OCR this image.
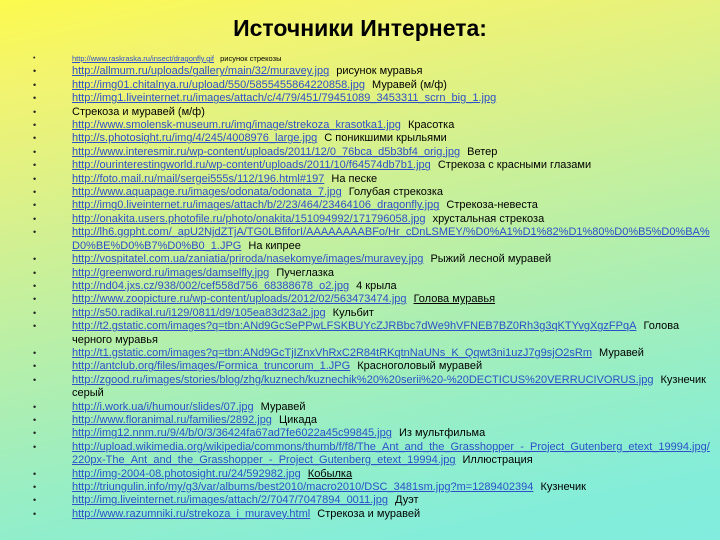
Источники Интернета:
•	http://www.raskraska.ru/insect/dragonfly.gif рисунок стрекозы
•	http://allmum.ru/uploads/gallery/main/32/muravey.jpg рисунок муравья
•	http://img01.chitalnya.ru/upload/550/5855455864220858.jpg Муравей (м/ф)
•	http://img1.liveinternet.ru/images/attach/c/4/79/451/79451089_3453311_scrn_big_1.jpg
•	Стрекоза и муравей (м/ф)
•	http://www.smolensk-museum.ru/img/image/strekoza_krasotka1.jpg Красотка
•	http://s.photosight.ru/img/4/245/4008976_large.jpg С поникшими крыльями
•	http://www.interesmir.ru/wp-content/uploads/2011/12/0_76bca_d5b3bf4_orig.jpg Ветер
•	http://ourinterestingworld.ru/wp-content/uploads/2011/10/f64574db7b1.jpg Стрекоза с красными глазами
•	http://foto.mail.ru/mail/sergei555s/112/196.html#197 На песке
•	http://www.aquapage.ru/images/odonata/odonata_7.jpg Голубая стрекозка
•	http://img0.liveinternet.ru/images/attach/b/2/23/464/23464106_dragonfly.jpg Стрекоза-невеста
•	http://onakita.users.photofile.ru/photo/onakita/151094992/171796058.jpg хрустальная стрекоза
•	http://lh6.ggpht.com/_apU2NjdZTjA/TG0LBfiforI/AAAAAAAABFo/Hr_cDnLSMEY/%D0%A1%D1%82%D1%80%D0%B5%D0%BA%D0%BE%D0%B7%D0%B0_1.JPG На кипрее
•	http://vospitatel.com.ua/zaniatia/priroda/nasekomye/images/muravey.jpg Рыжий лесной муравей
•	http://greenword.ru/images/damselfly.jpg Пучеглазка
•	http://nd04.jxs.cz/938/002/cef558d756_68388678_o2.jpg 4 крыла
•	http://www.zoopicture.ru/wp-content/uploads/2012/02/563473474.jpg Голова муравья
•	http://s50.radikal.ru/i129/0811/d9/105ea83d23a2.jpg Кульбит
•	http://t2.gstatic.com/images?q=tbn:ANd9GcSePPwLFSKBUYcZJRBbc7dWe9hVFNEB7BZ0Rh3g3qKTYvgXgzFPqA Голова черного муравья
•	http://t1.gstatic.com/images?q=tbn:ANd9GcTjIZnxVhRxC2R84tRKqtnNaUNs_K_Qqwt3ni1uzJ7g9sjO2sRm Муравей
•	http://antclub.org/files/images/Formica_truncorum_1.JPG Красноголовый муравей
•	http://zgood.ru/images/stories/blog/zhg/kuznech/kuznechik%20%20serii%20-%20DECTICUS%20VERRUCIVORUS.jpg Кузнечик серый
•	http://i.work.ua/i/humour/slides/07.jpg Муравей
•	http://www.floranimal.ru/families/2892.jpg Цикада
•	http://img12.nnm.ru/9/4/b/0/3/36424fa67ad7fe6022a45c99845.jpg Из мультфильма
•	http://upload.wikimedia.org/wikipedia/commons/thumb/f/f8/The_Ant_and_the_Grasshopper_-_Project_Gutenberg_etext_19994.jpg/220px-The_Ant_and_the_Grasshopper_-_Project_Gutenberg_etext_19994.jpg Иллюстрация
•	http://img-2004-08.photosight.ru/24/592982.jpg Кобылка
•	http://triungulin.info/my/g3/var/albums/best2010/macro2010/DSC_3481sm.jpg?m=1289402394 Кузнечик
•	http://img.liveinternet.ru/images/attach/2/7047/7047894_0011.jpg Дуэт
•	http://www.razumniki.ru/strekoza_i_muravey.html Стрекоза и муравей
